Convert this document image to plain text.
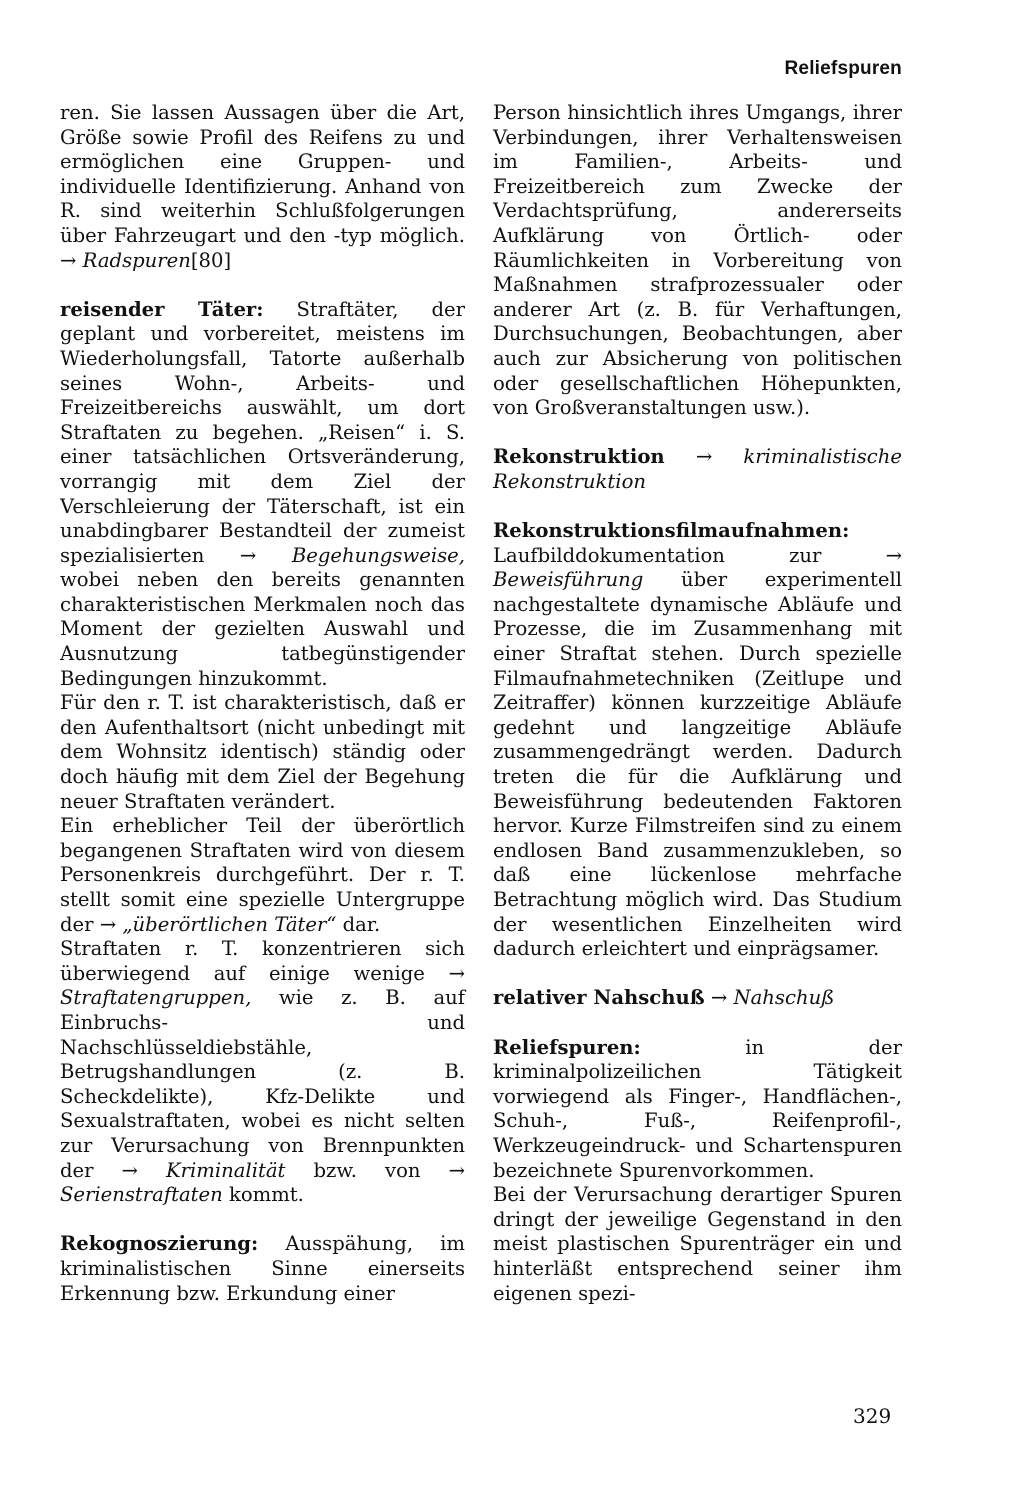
Reliefspuren

ren. Sie lassen Aussagen über die Art, Größe sowie Profil des Reifens zu und ermöglichen eine Gruppen- und individuelle Identifizierung. Anhand von R. sind weiterhin Schlußfolgerungen über Fahrzeugart und den -typ möglich. → Radspuren[80]

reisender Täter: Straftäter, der geplant und vorbereitet, meistens im Wiederholungsfall, Tatorte außerhalb seines Wohn-, Arbeits- und Freizeitbereichs auswählt, um dort Straftaten zu begehen. „Reisen“ i. S. einer tatsächlichen Ortsveränderung, vorrangig mit dem Ziel der Verschleierung der Täterschaft, ist ein unabdingbarer Bestandteil der zumeist spezialisierten → Begehungsweise, wobei neben den bereits genannten charakteristischen Merkmalen noch das Moment der gezielten Auswahl und Ausnutzung tatbegünstigender Bedingungen hinzukommt.

Für den r. T. ist charakteristisch, daß er den Aufenthaltsort (nicht unbedingt mit dem Wohnsitz identisch) ständig oder doch häufig mit dem Ziel der Begehung neuer Straftaten verändert.

Ein erheblicher Teil der überörtlich begangenen Straftaten wird von diesem Personenkreis durchgeführt. Der r. T. stellt somit eine spezielle Untergruppe der → „überörtlichen Täter“ dar.

Straftaten r. T. konzentrieren sich überwiegend auf einige wenige → Straftatengruppen, wie z. B. auf Einbruchs- und Nachschlüsseldiebstähle, Betrugshandlungen (z. B. Scheckdelikte), Kfz-Delikte und Sexualstraftaten, wobei es nicht selten zur Verursachung von Brennpunkten der → Kriminalität bzw. von → Serienstraftaten kommt.

Rekognoszierung: Ausspähung, im kriminalistischen Sinne einerseits Erkennung bzw. Erkundung einer

Person hinsichtlich ihres Umgangs, ihrer Verbindungen, ihrer Verhaltensweisen im Familien-, Arbeits- und Freizeitbereich zum Zwecke der Verdachtsprüfung, andererseits Aufklärung von Örtlich- oder Räumlichkeiten in Vorbereitung von Maßnahmen strafprozessualer oder anderer Art (z. B. für Verhaftungen, Durchsuchungen, Beobachtungen, aber auch zur Absicherung von politischen oder gesellschaftlichen Höhepunkten, von Großveranstaltungen usw.).

Rekonstruktion → kriminalistische Rekonstruktion

Rekonstruktionsfilmaufnahmen: Laufbilddokumentation zur → Beweisführung über experimentell nachgestaltete dynamische Abläufe und Prozesse, die im Zusammenhang mit einer Straftat stehen. Durch spezielle Filmaufnahmetechniken (Zeitlupe und Zeitraffer) können kurzzeitige Abläufe gedehnt und langzeitige Abläufe zusammengedrängt werden. Dadurch treten die für die Aufklärung und Beweisführung bedeutenden Faktoren hervor. Kurze Filmstreifen sind zu einem endlosen Band zusammenzukleben, so daß eine lückenlose mehrfache Betrachtung möglich wird. Das Studium der wesentlichen Einzelheiten wird dadurch erleichtert und einprägsamer.

relativer Nahschuß → Nahschuß

Reliefspuren: in der kriminalpolizeilichen Tätigkeit vorwiegend als Finger-, Handflächen-, Schuh-, Fuß-, Reifenprofil-, Werkzeugeindruck- und Schartenspuren bezeichnete Spurenvorkommen.

Bei der Verursachung derartiger Spuren dringt der jeweilige Gegenstand in den meist plastischen Spurenträger ein und hinterläßt entsprechend seiner ihm eigenen spezi-

329
